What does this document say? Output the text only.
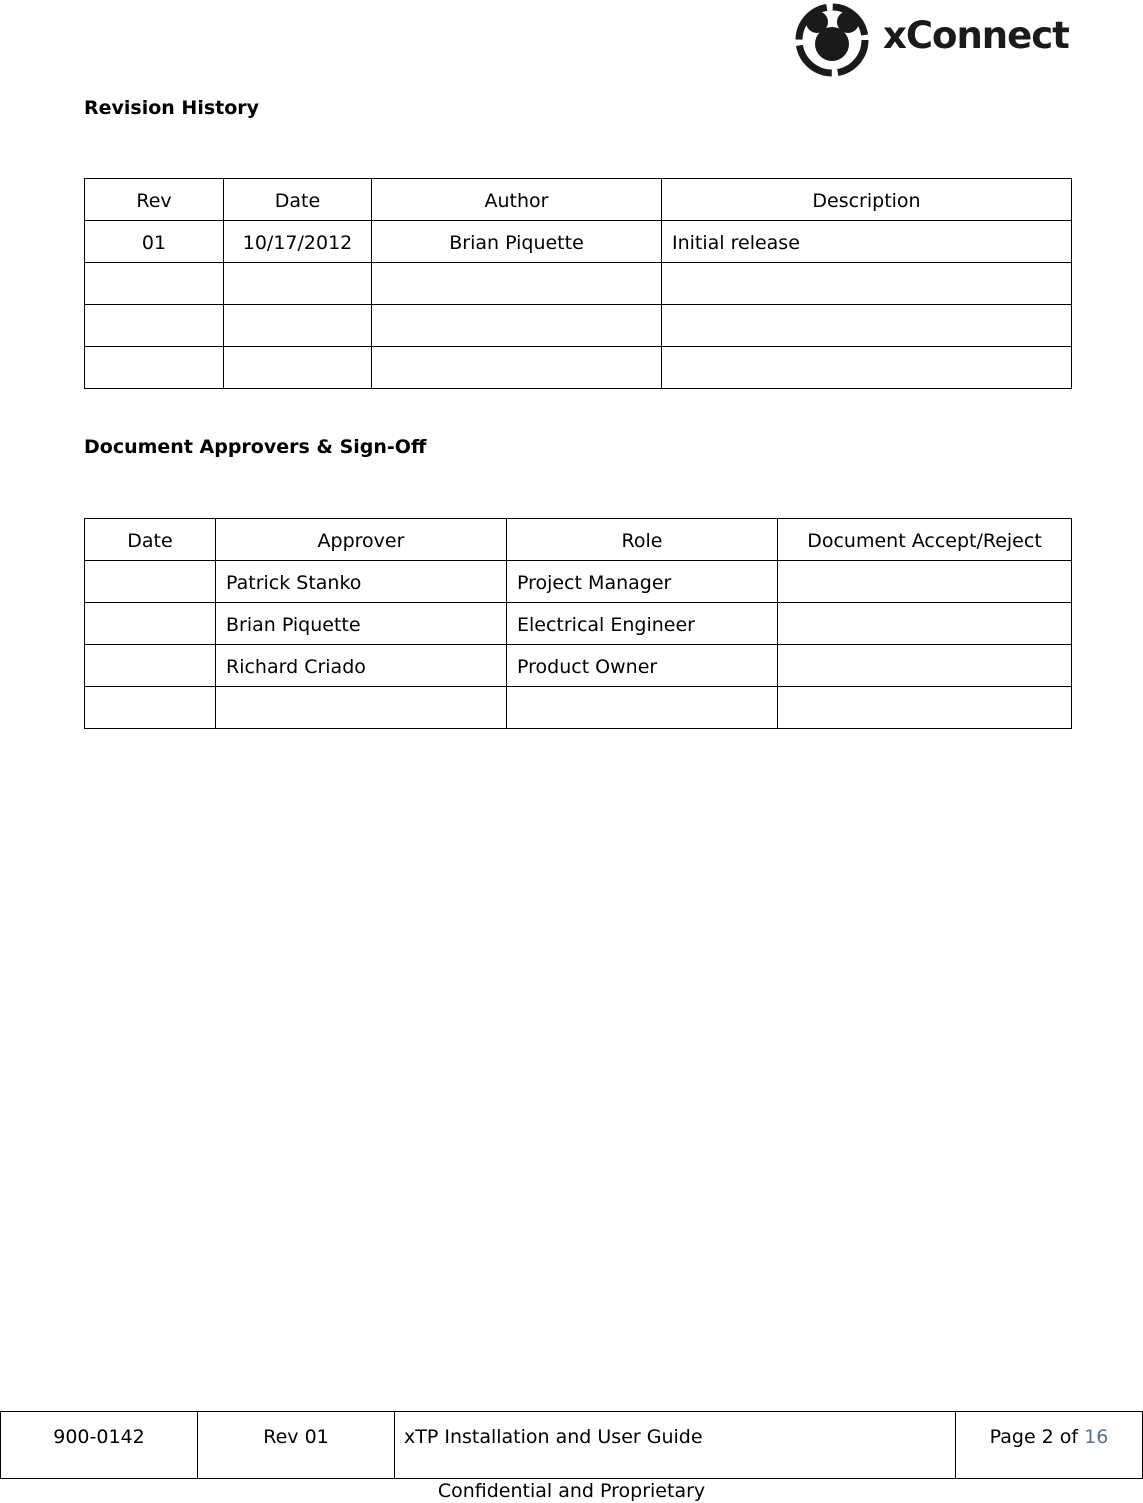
xConnect
Revision History
Rev	Date	Author	Description
01	10/17/2012	Brian Piquette	Initial release

Document Approvers & Sign-Off
Date	Approver	Role	Document Accept/Reject
	Patrick Stanko	Project Manager	
	Brian Piquette	Electrical Engineer	
	Richard Criado	Product Owner	

900-0142	Rev 01	xTP Installation and User Guide	Page 2 of 16
Confidential and Proprietary
